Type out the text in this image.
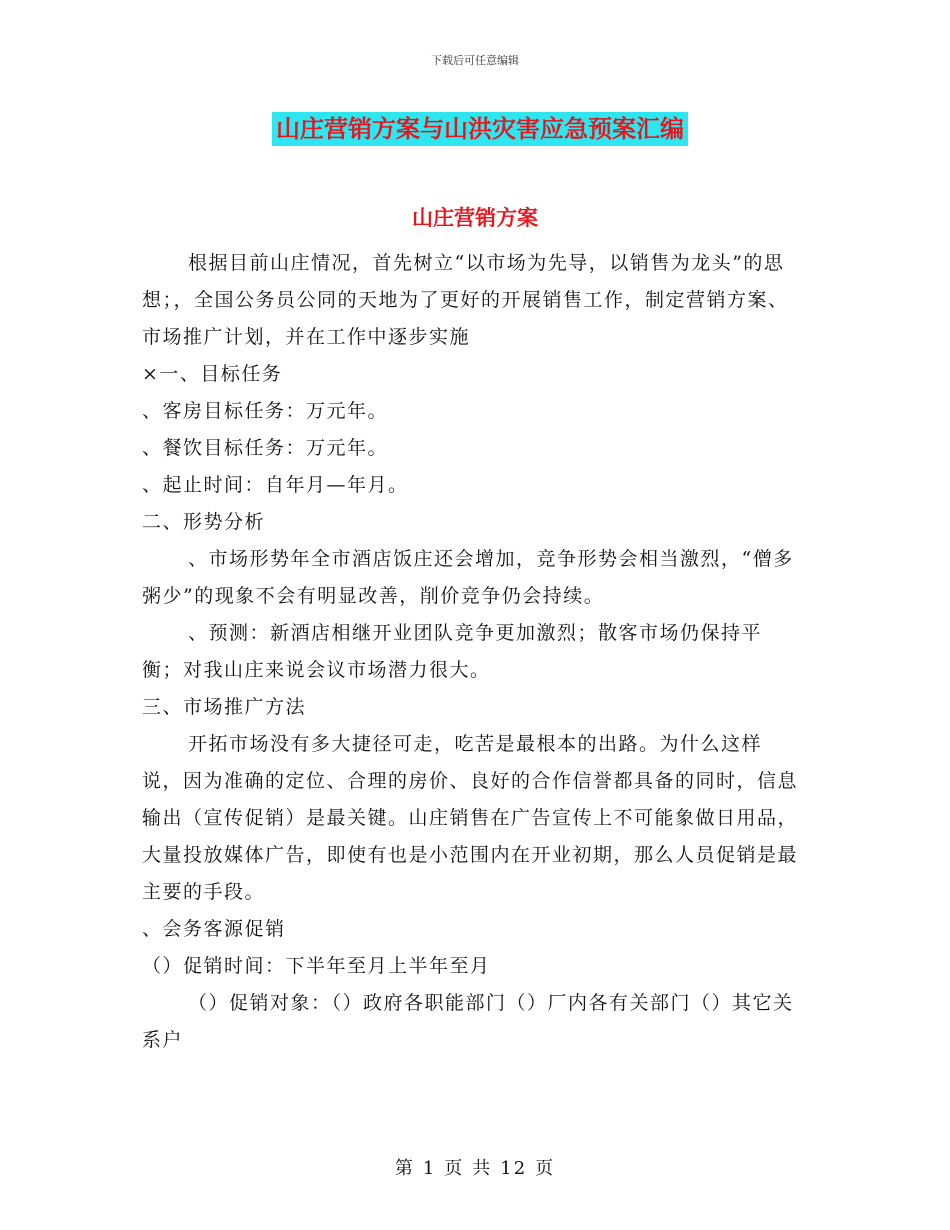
下载后可任意编辑
山庄营销方案与山洪灾害应急预案汇编
山庄营销方案

根据目前山庄情况，首先树立“以市场为先导，以销售为龙头”的思想；，全国公务员公同的天地为了更好的开展销售工作，制定营销方案、市场推广计划，并在工作中逐步实施

×一、目标任务

、客房目标任务：万元年。

、餐饮目标任务：万元年。

、起止时间：自年月—年月。

二、形势分析

、市场形势年全市酒店饭庄还会增加，竞争形势会相当激烈，“僧多粥少”的现象不会有明显改善，削价竞争仍会持续。

、预测：新酒店相继开业团队竞争更加激烈；散客市场仍保持平衡；对我山庄来说会议市场潜力很大。

三、市场推广方法

开拓市场没有多大捷径可走，吃苦是最根本的出路。为什么这样说，因为准确的定位、合理的房价、良好的合作信誉都具备的同时，信息输出（宣传促销）是最关键。山庄销售在广告宣传上不可能象做日用品，大量投放媒体广告，即使有也是小范围内在开业初期，那么人员促销是最主要的手段。

、会务客源促销

（）促销时间：下半年至月上半年至月

（）促销对象：（）政府各职能部门（）厂内各有关部门（）其它关系户

第 1 页 共 12 页
